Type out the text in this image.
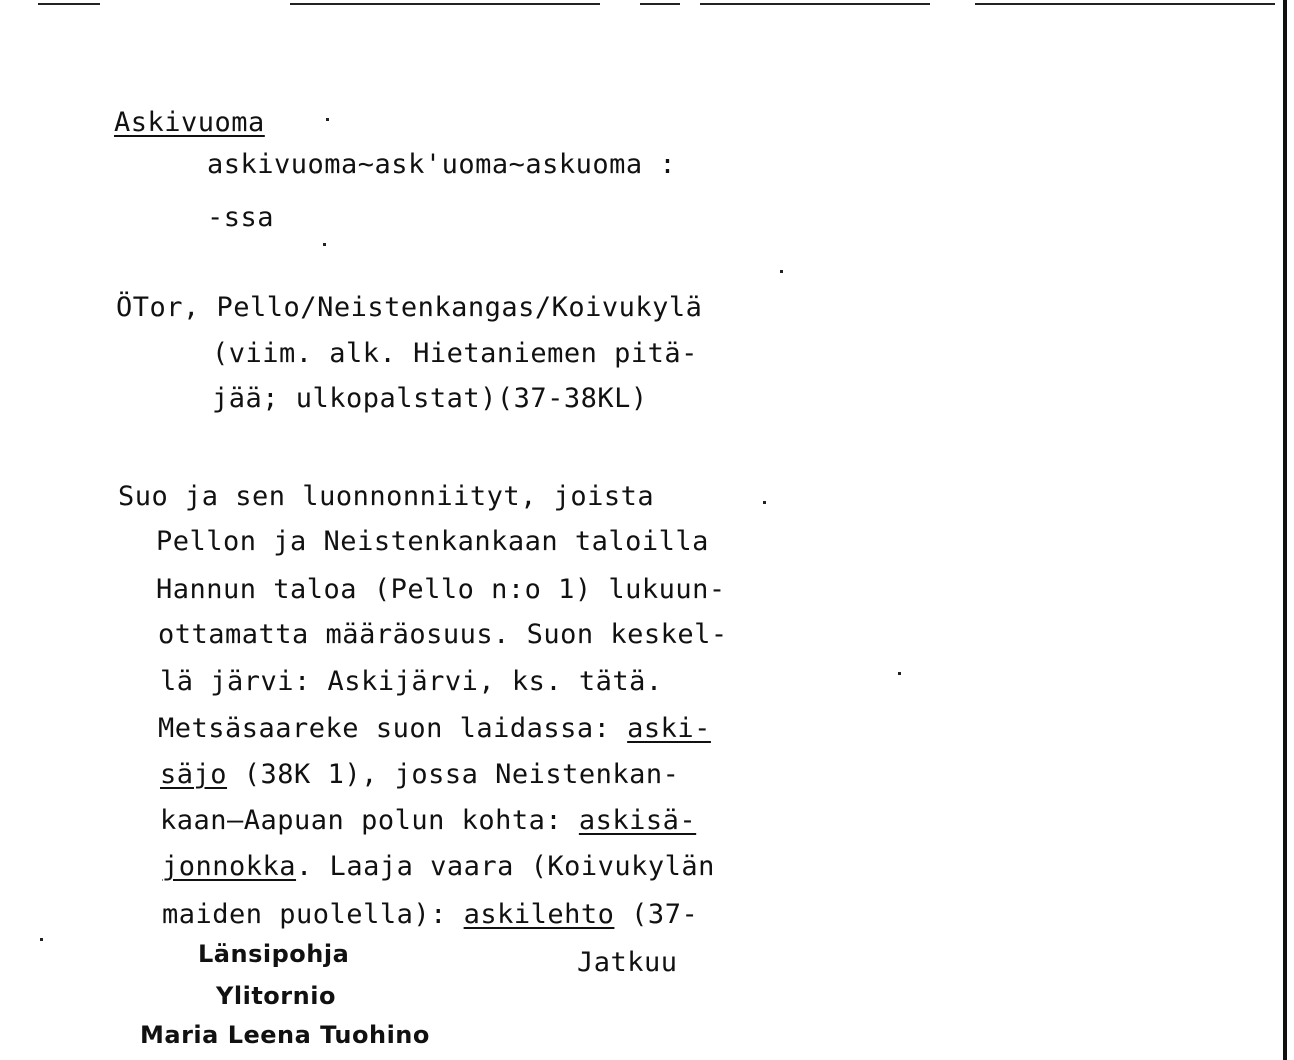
Askivuoma
askivuoma~ask'uoma~askuoma :
-ssa
ÖTor, Pello/Neistenkangas/Koivukylä
(viim. alk. Hietaniemen pitä-
jää; ulkopalstat)(37-38KL)
Suo ja sen luonnonniityt, joista
Pellon ja Neistenkankaan taloilla
Hannun taloa (Pello n:o 1) lukuun-
ottamatta määräosuus. Suon keskel-
lä järvi: Askijärvi, ks. tätä.
Metsäsaareke suon laidassa: aski-
säjo (38K 1), jossa Neistenkan-
kaan—Aapuan polun kohta: askisä-
jonnokka. Laaja vaara (Koivukylän
maiden puolella): askilehto (37-
Jatkuu
Länsipohja
Ylitornio
Maria Leena Tuohino
